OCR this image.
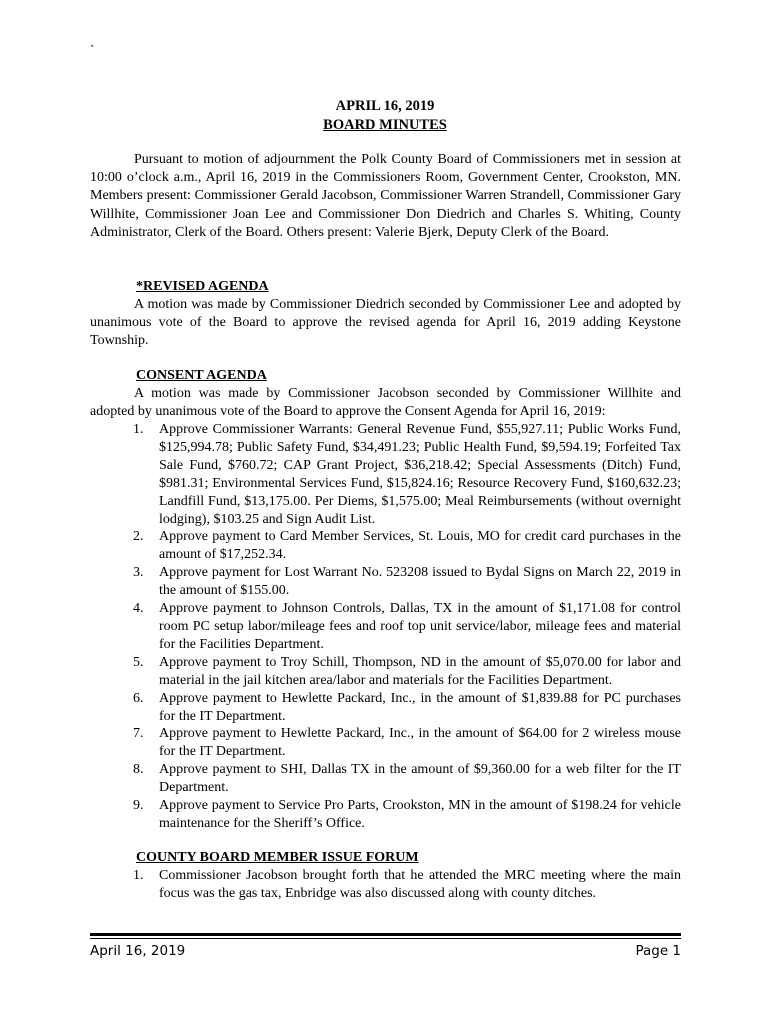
`
APRIL 16, 2019
BOARD MINUTES

Pursuant to motion of adjournment the Polk County Board of Commissioners met in session at 10:00 o’clock a.m., April 16, 2019 in the Commissioners Room, Government Center, Crookston, MN. Members present: Commissioner Gerald Jacobson, Commissioner Warren Strandell, Commissioner Gary Willhite, Commissioner Joan Lee and Commissioner Don Diedrich and Charles S. Whiting, County Administrator, Clerk of the Board. Others present: Valerie Bjerk, Deputy Clerk of the Board.

*REVISED AGENDA

A motion was made by Commissioner Diedrich seconded by Commissioner Lee and adopted by unanimous vote of the Board to approve the revised agenda for April 16, 2019 adding Keystone Township.

CONSENT AGENDA

A motion was made by Commissioner Jacobson seconded by Commissioner Willhite and adopted by unanimous vote of the Board to approve the Consent Agenda for April 16, 2019:

1.	Approve Commissioner Warrants: General Revenue Fund, $55,927.11; Public Works Fund, $125,994.78; Public Safety Fund, $34,491.23; Public Health Fund, $9,594.19; Forfeited Tax Sale Fund, $760.72; CAP Grant Project, $36,218.42; Special Assessments (Ditch) Fund, $981.31; Environmental Services Fund, $15,824.16; Resource Recovery Fund, $160,632.23; Landfill Fund, $13,175.00. Per Diems, $1,575.00; Meal Reimbursements (without overnight lodging), $103.25 and Sign Audit List.
2.	Approve payment to Card Member Services, St. Louis, MO for credit card purchases in the amount of $17,252.34.
3.	Approve payment for Lost Warrant No. 523208 issued to Bydal Signs on March 22, 2019 in the amount of $155.00.
4.	Approve payment to Johnson Controls, Dallas, TX in the amount of $1,171.08 for control room PC setup labor/mileage fees and roof top unit service/labor, mileage fees and material for the Facilities Department.
5.	Approve payment to Troy Schill, Thompson, ND in the amount of $5,070.00 for labor and material in the jail kitchen area/labor and materials for the Facilities Department.
6.	Approve payment to Hewlette Packard, Inc., in the amount of $1,839.88 for PC purchases for the IT Department.
7.	Approve payment to Hewlette Packard, Inc., in the amount of $64.00 for 2 wireless mouse for the IT Department.
8.	Approve payment to SHI, Dallas TX in the amount of $9,360.00 for a web filter for the IT Department.
9.	Approve payment to Service Pro Parts, Crookston, MN in the amount of $198.24 for vehicle maintenance for the Sheriff’s Office.
COUNTY BOARD MEMBER ISSUE FORUM
1.	Commissioner Jacobson brought forth that he attended the MRC meeting where the main focus was the gas tax, Enbridge was also discussed along with county ditches.
April 16, 2019	Page 1
